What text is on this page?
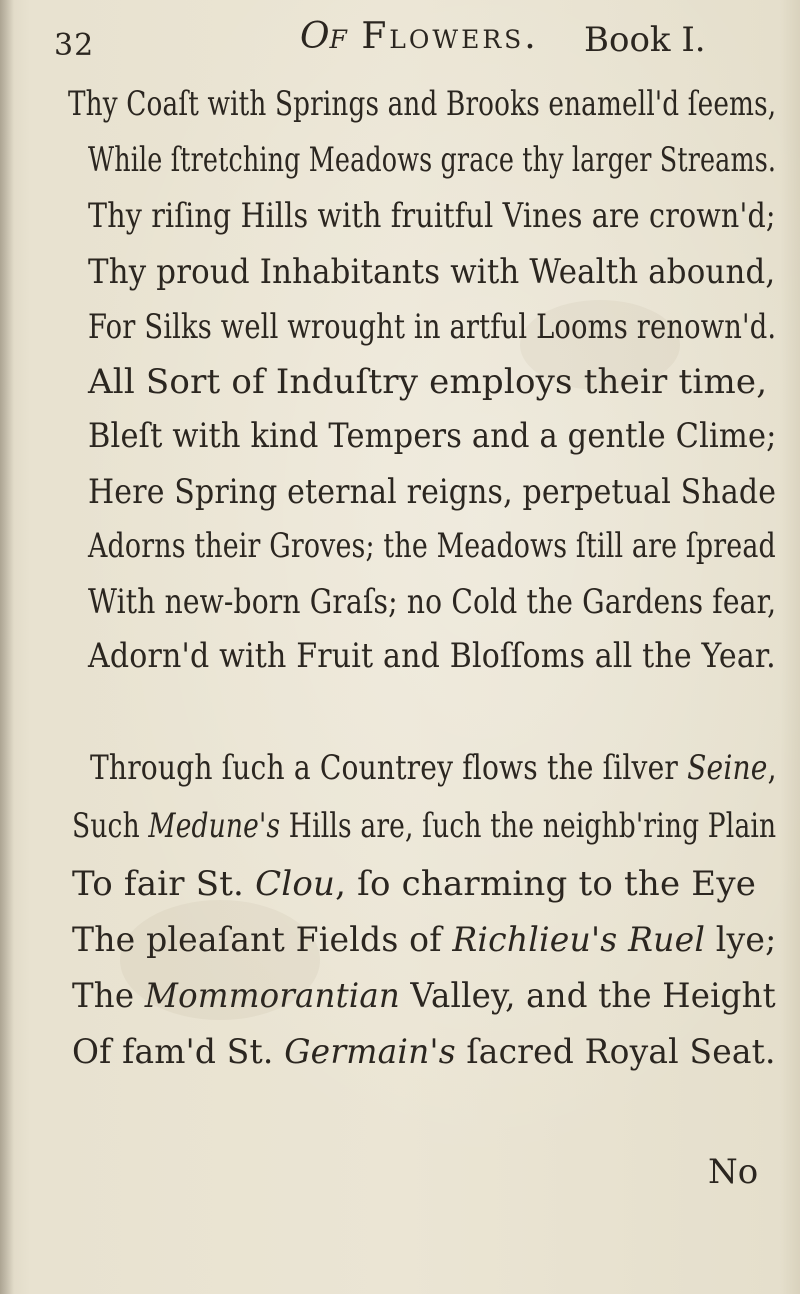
32	Of Flowers. Book I.
Thy Coaſt with Springs and Brooks enamell'd ſeems,
While ſtretching Meadows grace thy larger Streams.
Thy riſing Hills with fruitful Vines are crown'd;
Thy proud Inhabitants with Wealth abound,
For Silks well wrought in artful Looms renown'd.
All Sort of Induſtry employs their time,
Bleſt with kind Tempers and a gentle Clime;
Here Spring eternal reigns, perpetual Shade
Adorns their Groves; the Meadows ſtill are ſpread
With new-born Graſs; no Cold the Gardens fear,
Adorn'd with Fruit and Bloſſoms all the Year.
Through ſuch a Countrey flows the ſilver Seine,
Such Medune's Hills are, ſuch the neighb'ring Plain
To fair St. Clou, ſo charming to the Eye
The pleaſant Fields of Richlieu's Ruel lye;
The Mommorantian Valley, and the Height
Of fam'd St. Germain's ſacred Royal Seat.
No
